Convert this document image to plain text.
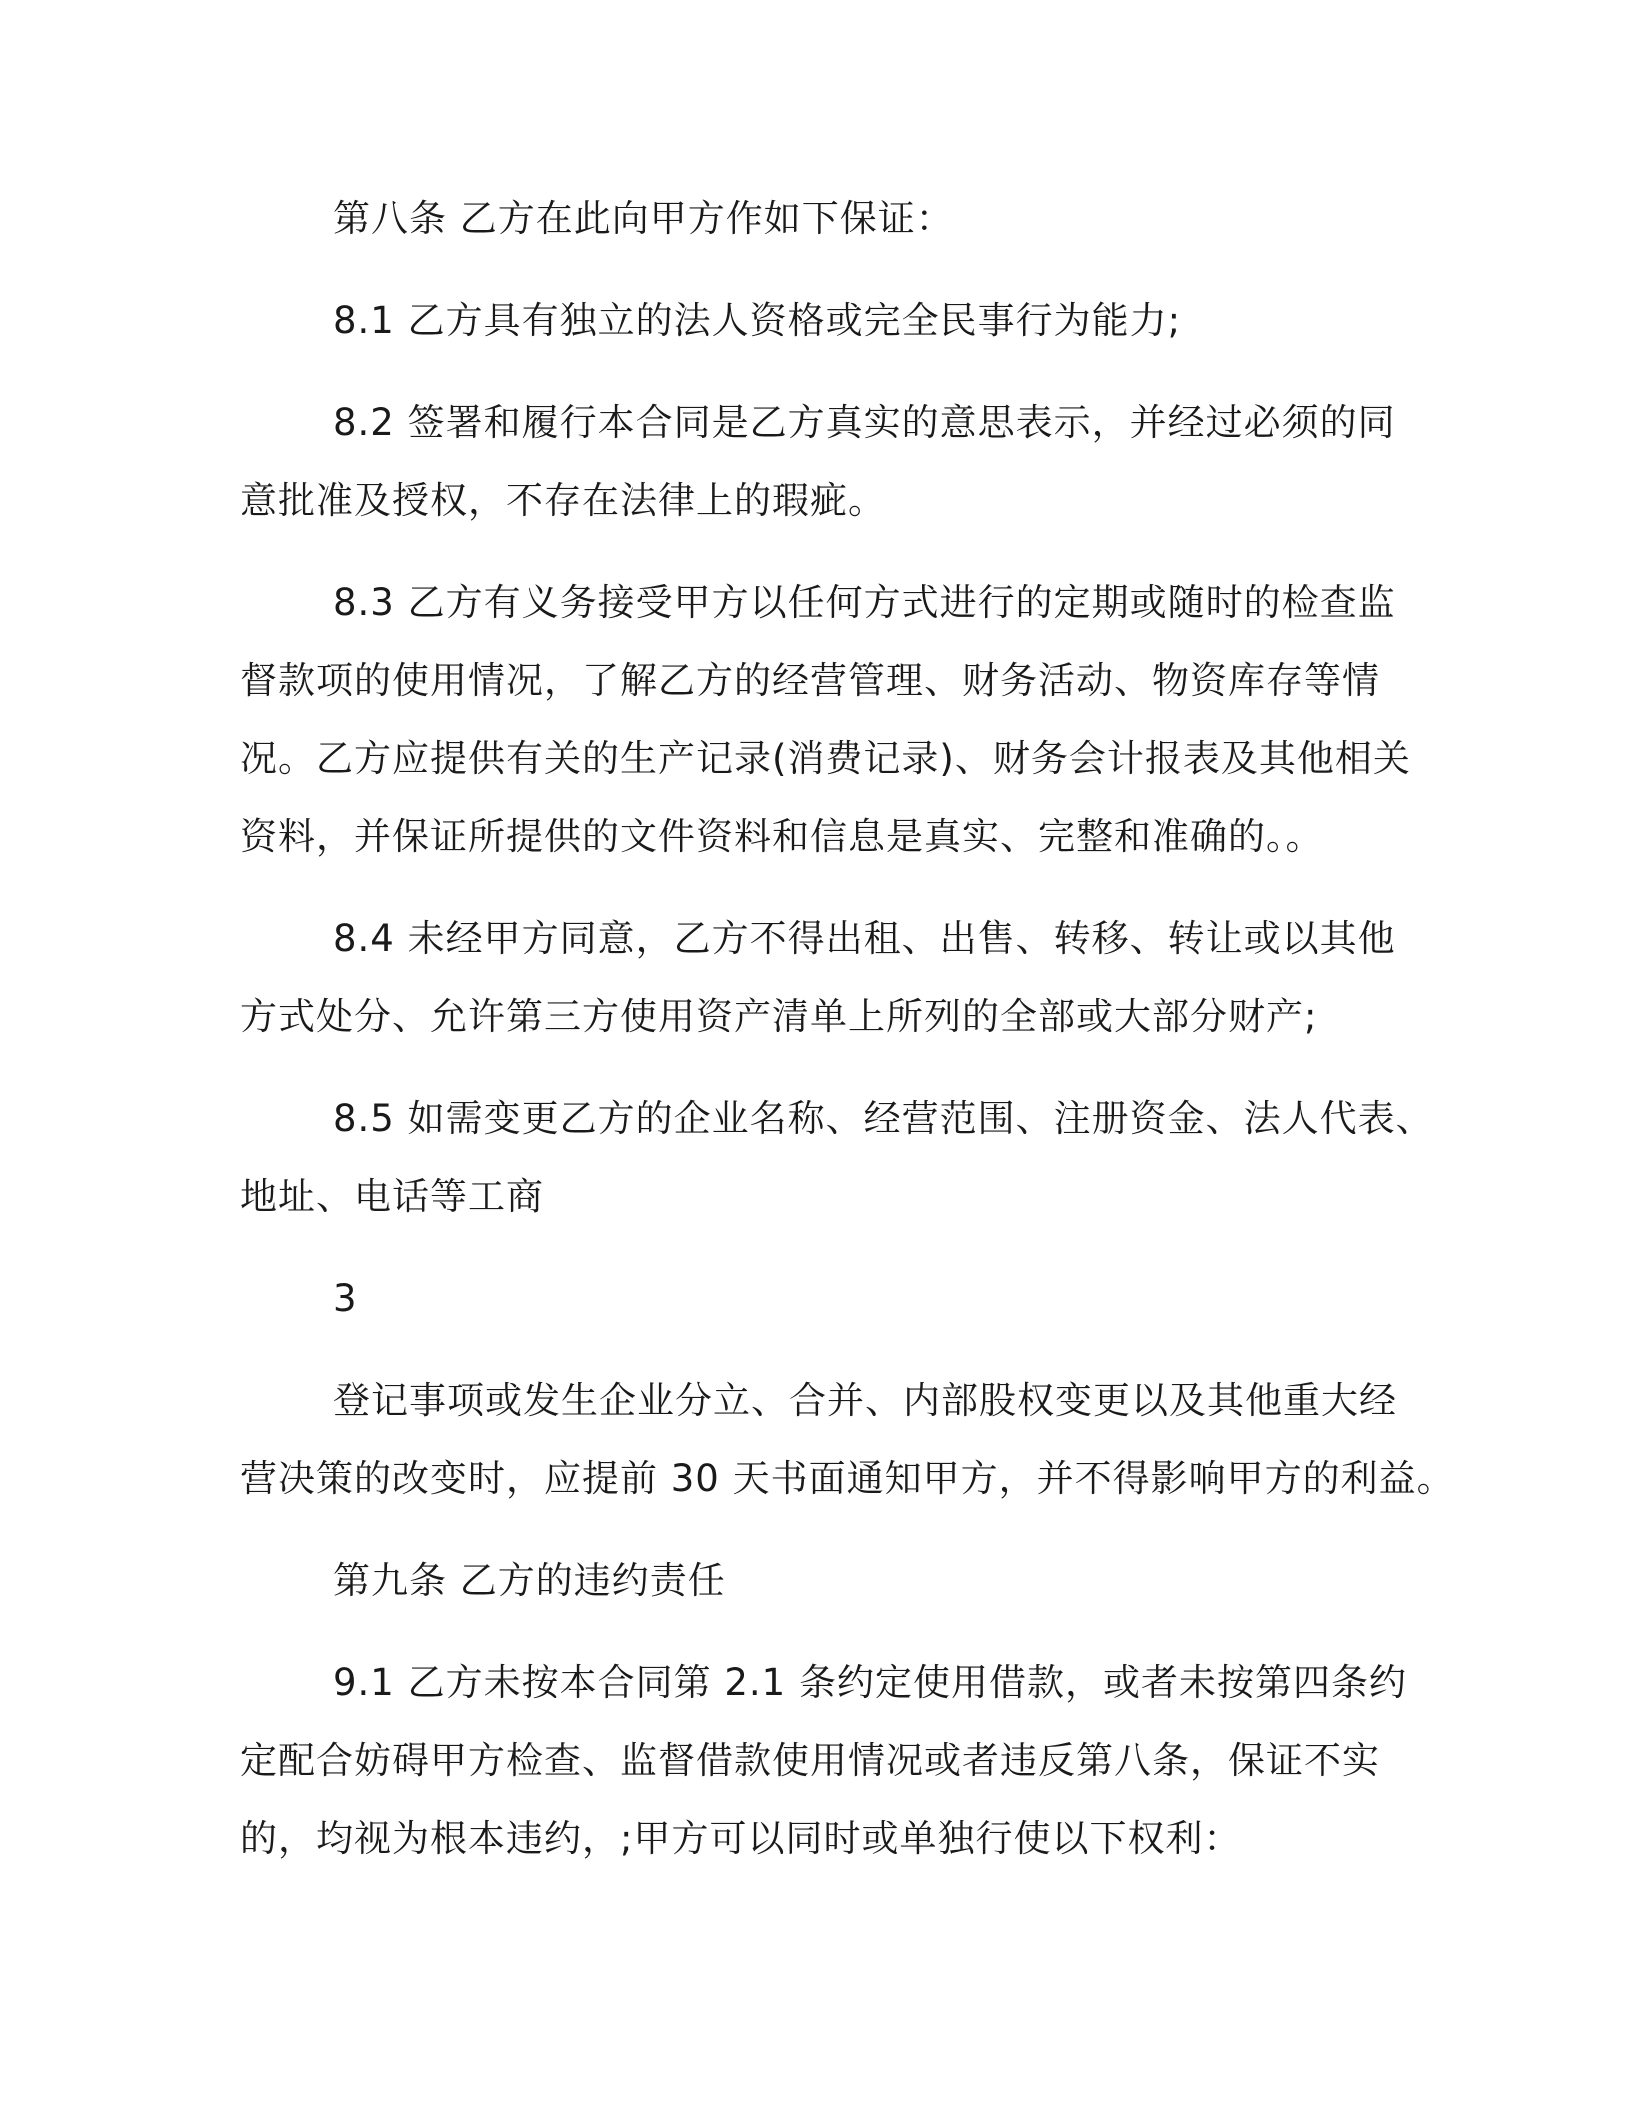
第八条 乙方在此向甲方作如下保证：
8.1 乙方具有独立的法人资格或完全民事行为能力;
8.2 签署和履行本合同是乙方真实的意思表示，并经过必须的同
意批准及授权，不存在法律上的瑕疵。
8.3 乙方有义务接受甲方以任何方式进行的定期或随时的检查监
督款项的使用情况，了解乙方的经营管理、财务活动、物资库存等情
况。乙方应提供有关的生产记录(消费记录)、财务会计报表及其他相关
资料，并保证所提供的文件资料和信息是真实、完整和准确的。。
8.4 未经甲方同意，乙方不得出租、出售、转移、转让或以其他
方式处分、允许第三方使用资产清单上所列的全部或大部分财产;
8.5 如需变更乙方的企业名称、经营范围、注册资金、法人代表、
地址、电话等工商
3
登记事项或发生企业分立、合并、内部股权变更以及其他重大经
营决策的改变时，应提前 30 天书面通知甲方，并不得影响甲方的利益。
第九条 乙方的违约责任
9.1 乙方未按本合同第 2.1 条约定使用借款，或者未按第四条约
定配合妨碍甲方检查、监督借款使用情况或者违反第八条，保证不实
的，均视为根本违约，;甲方可以同时或单独行使以下权利：
